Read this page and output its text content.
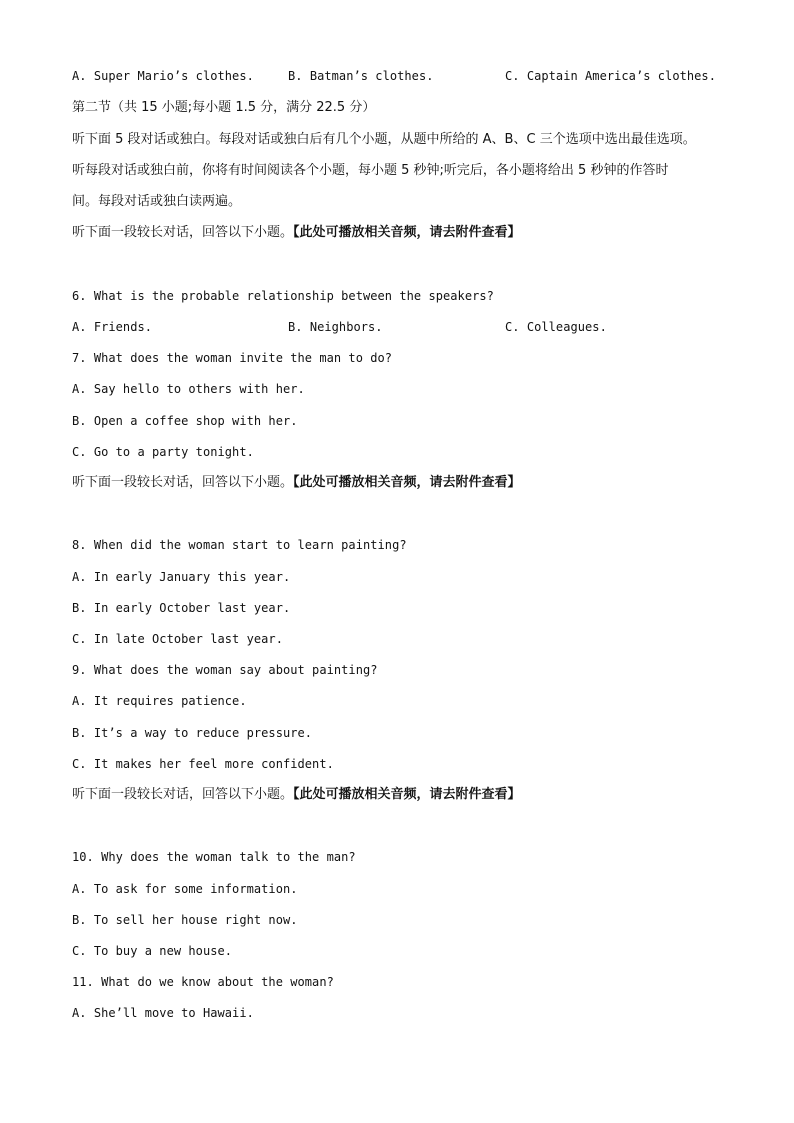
A. Super Mario’s clothes.	B. Batman’s clothes.	C. Captain America’s clothes.
第二节（共 15 小题;每小题 1.5 分，满分 22.5 分）
听下面 5 段对话或独白。每段对话或独白后有几个小题，从题中所给的 A、B、C 三个选项中选出最佳选项。
听每段对话或独白前，你将有时间阅读各个小题，每小题 5 秒钟;听完后，各小题将给出 5 秒钟的作答时
间。每段对话或独白读两遍。
听下面一段较长对话，回答以下小题。【此处可播放相关音频，请去附件查看】
6. What is the probable relationship between the speakers?
A. Friends.	B. Neighbors.	C. Colleagues.
7. What does the woman invite the man to do?
A. Say hello to others with her.
B. Open a coffee shop with her.
C. Go to a party tonight.
听下面一段较长对话，回答以下小题。【此处可播放相关音频，请去附件查看】
8. When did the woman start to learn painting?
A. In early January this year.
B. In early October last year.
C. In late October last year.
9. What does the woman say about painting?
A. It requires patience.
B. It’s a way to reduce pressure.
C. It makes her feel more confident.
听下面一段较长对话，回答以下小题。【此处可播放相关音频，请去附件查看】
10. Why does the woman talk to the man?
A. To ask for some information.
B. To sell her house right now.
C. To buy a new house.
11. What do we know about the woman?
A. She’ll move to Hawaii.
